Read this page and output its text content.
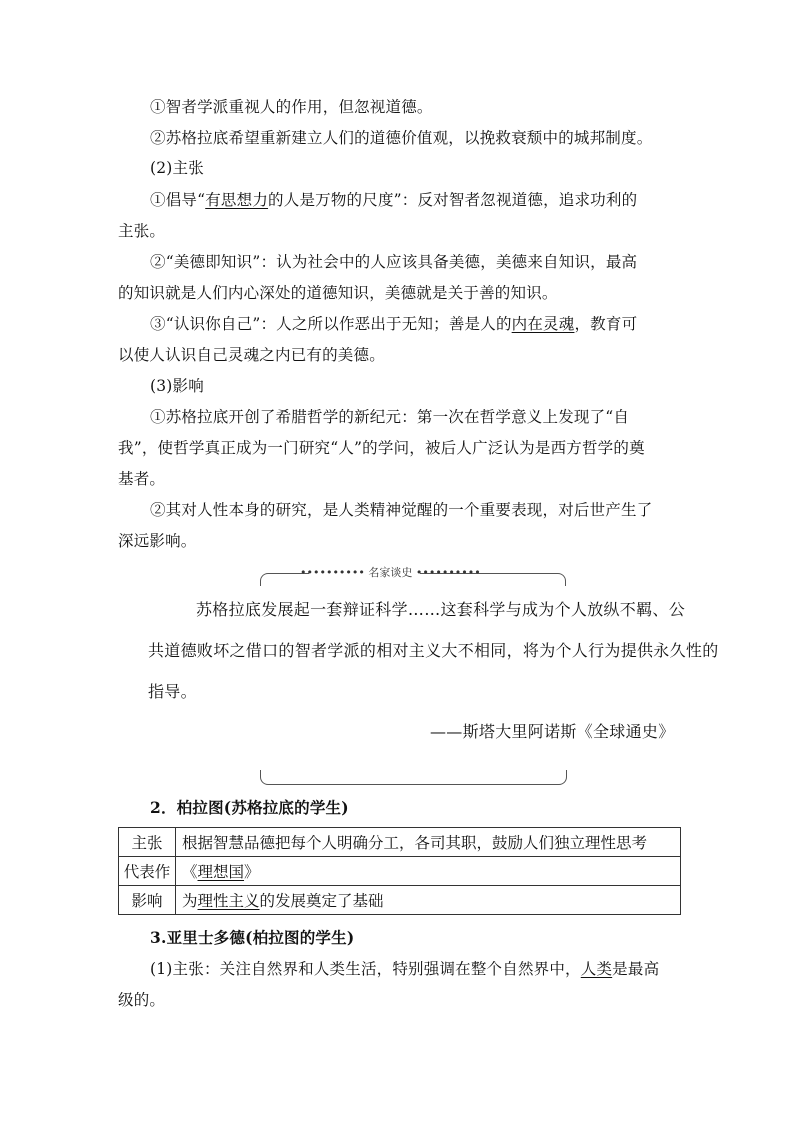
①智者学派重视人的作用，但忽视道德。
②苏格拉底希望重新建立人们的道德价值观，以挽救衰颓中的城邦制度。
(2)主张
①倡导“有思想力的人是万物的尺度”：反对智者忽视道德，追求功利的
主张。
②“美德即知识”：认为社会中的人应该具备美德，美德来自知识，最高
的知识就是人们内心深处的道德知识，美德就是关于善的知识。
③“认识你自己”：人之所以作恶出于无知；善是人的内在灵魂，教育可
以使人认识自己灵魂之内已有的美德。
(3)影响
①苏格拉底开创了希腊哲学的新纪元：第一次在哲学意义上发现了“自
我”，使哲学真正成为一门研究“人”的学问，被后人广泛认为是西方哲学的奠
基者。
②其对人性本身的研究，是人类精神觉醒的一个重要表现，对后世产生了
深远影响。
•••••••••• 名家谈史 ••••••••••
苏格拉底发展起一套辩证科学……这套科学与成为个人放纵不羁、公
共道德败坏之借口的智者学派的相对主义大不相同，将为个人行为提供永久性的
指导。
——斯塔大里阿诺斯《全球通史》
2．柏拉图(苏格拉底的学生)
主张	根据智慧品德把每个人明确分工，各司其职，鼓励人们独立理性思考
代表作	《理想国》
影响	为理性主义的发展奠定了基础
3.亚里士多德(柏拉图的学生)
(1)主张：关注自然界和人类生活，特别强调在整个自然界中，人类是最高
级的。
